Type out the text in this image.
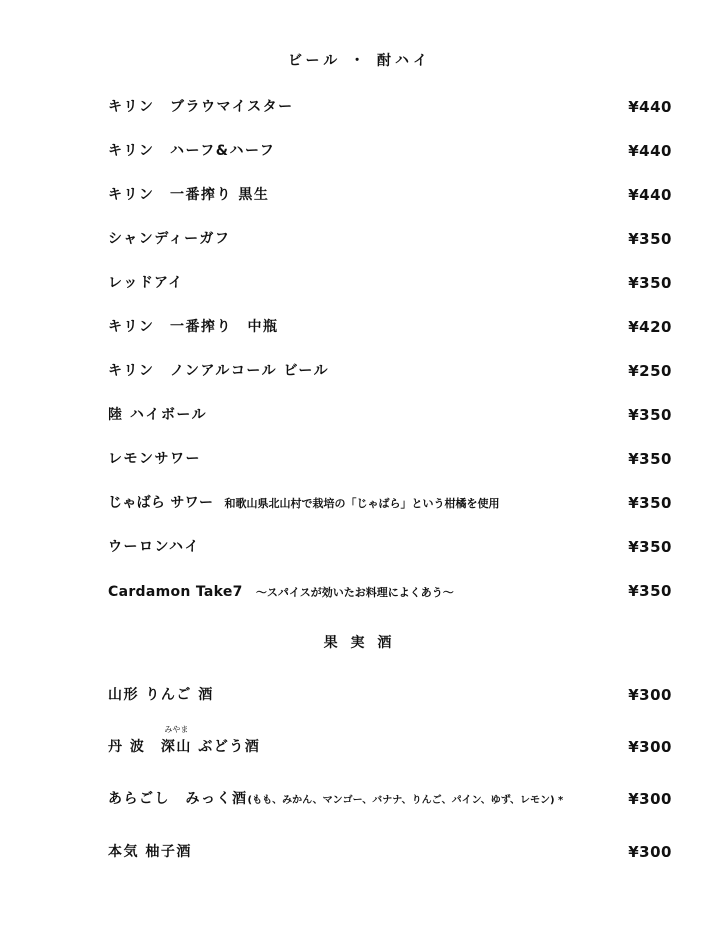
ビール ・ 酎ハイ
キリン　ブラウマイスター	¥440
キリン　ハーフ&ハーフ	¥440
キリン　一番搾り 黒生	¥440
シャンディーガフ	¥350
レッドアイ	¥350
キリン　一番搾り　中瓶	¥420
キリン　ノンアルコール ビール	¥250
陸 ハイボール	¥350
レモンサワー	¥350
じゃばら サワー 和歌山県北山村で栽培の「じゃばら」という柑橘を使用	¥350
ウーロンハイ	¥350
Cardamon Take7 ～スパイスが効いたお料理によくあう～	¥350
果 実 酒
山形 りんご 酒	¥300
丹 波　
みやま
深山 ぶどう酒	¥300
あらごし　みっく酒(もも、みかん、マンゴー、バナナ、りんご、パイン、ゆず、レモン) *	¥300
本気 柚子酒	¥300
